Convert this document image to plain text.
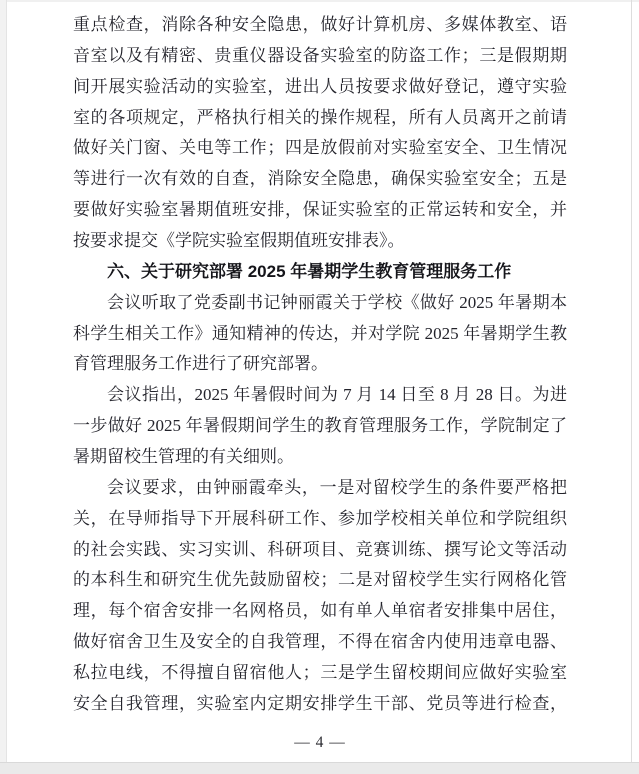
重点检查，消除各种安全隐患，做好计算机房、多媒体教室、语
音室以及有精密、贵重仪器设备实验室的防盗工作；三是假期期
间开展实验活动的实验室，进出人员按要求做好登记，遵守实验
室的各项规定，严格执行相关的操作规程，所有人员离开之前请
做好关门窗、关电等工作；四是放假前对实验室安全、卫生情况
等进行一次有效的自查，消除安全隐患，确保实验室安全；五是
要做好实验室暑期值班安排，保证实验室的正常运转和安全，并
按要求提交《学院实验室假期值班安排表》。
六、关于研究部署 2025 年暑期学生教育管理服务工作
会议听取了党委副书记钟丽霞关于学校《做好 2025 年暑期本
科学生相关工作》通知精神的传达，并对学院 2025 年暑期学生教
育管理服务工作进行了研究部署。
会议指出，2025 年暑假时间为 7 月 14 日至 8 月 28 日。为进
一步做好 2025 年暑假期间学生的教育管理服务工作，学院制定了
暑期留校生管理的有关细则。
会议要求，由钟丽霞牵头，一是对留校学生的条件要严格把
关，在导师指导下开展科研工作、参加学校相关单位和学院组织
的社会实践、实习实训、科研项目、竞赛训练、撰写论文等活动
的本科生和研究生优先鼓励留校；二是对留校学生实行网格化管
理，每个宿舍安排一名网格员，如有单人单宿者安排集中居住，
做好宿舍卫生及安全的自我管理，不得在宿舍内使用违章电器、
私拉电线，不得擅自留宿他人；三是学生留校期间应做好实验室
安全自我管理，实验室内定期安排学生干部、党员等进行检查，
— 4 —
